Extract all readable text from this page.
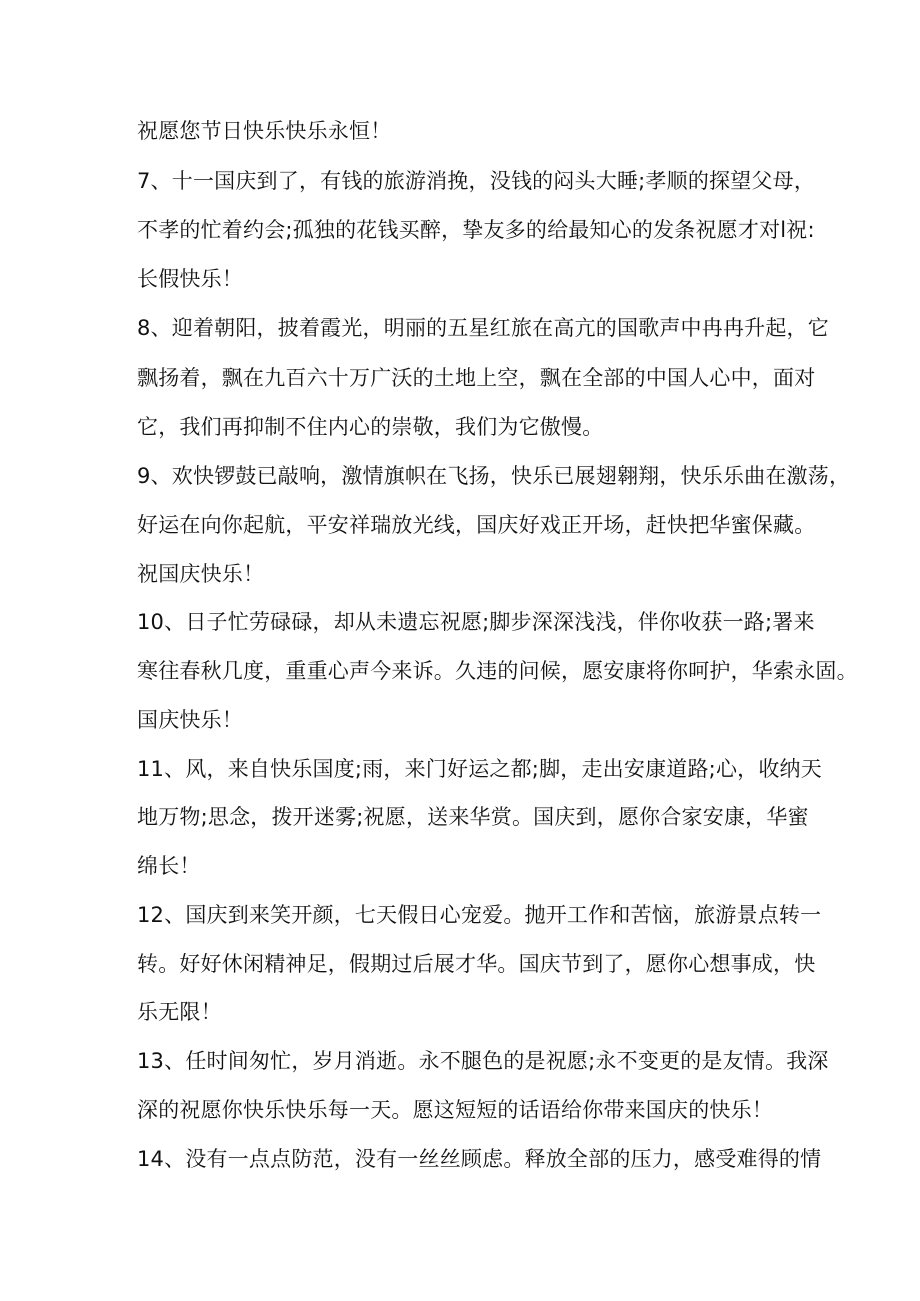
祝愿您节日快乐快乐永恒！
7、十一国庆到了，有钱的旅游消挽，没钱的闷头大睡;孝顺的探望父母，
不孝的忙着约会;孤独的花钱买醉，挚友多的给最知心的发条祝愿才对l祝:
长假快乐！
8、迎着朝阳，披着霞光，明丽的五星红旅在高亢的国歌声中冉冉升起，它
飘扬着，飘在九百六十万广沃的土地上空，飘在全部的中国人心中，面对
它，我们再抑制不住内心的崇敬，我们为它傲慢。
9、欢快锣鼓已敲响，激情旗帜在飞扬，快乐已展翅翱翔，快乐乐曲在激荡，
好运在向你起航，平安祥瑞放光线，国庆好戏正开场，赶快把华蜜保藏。
祝国庆快乐！
10、日子忙劳碌碌，却从未遗忘祝愿;脚步深深浅浅，伴你收获一路;署来
寒往春秋几度，重重心声今来诉。久违的问候，愿安康将你呵护，华索永固。
国庆快乐！
11、风，来自快乐国度;雨，来门好运之都;脚，走出安康道路;心，收纳天
地万物;思念，拨开迷雾;祝愿，送来华赏。国庆到，愿你合家安康，华蜜
绵长！
12、国庆到来笑开颜，七天假日心宠爱。抛开工作和苦恼，旅游景点转一
转。好好休闲精神足，假期过后展才华。国庆节到了，愿你心想事成，快
乐无限！
13、任时间匆忙，岁月消逝。永不腿色的是祝愿;永不变更的是友情。我深
深的祝愿你快乐快乐每一天。愿这短短的话语给你带来国庆的快乐！
14、没有一点点防范，没有一丝丝顾虑。释放全部的压力，感受难得的情
